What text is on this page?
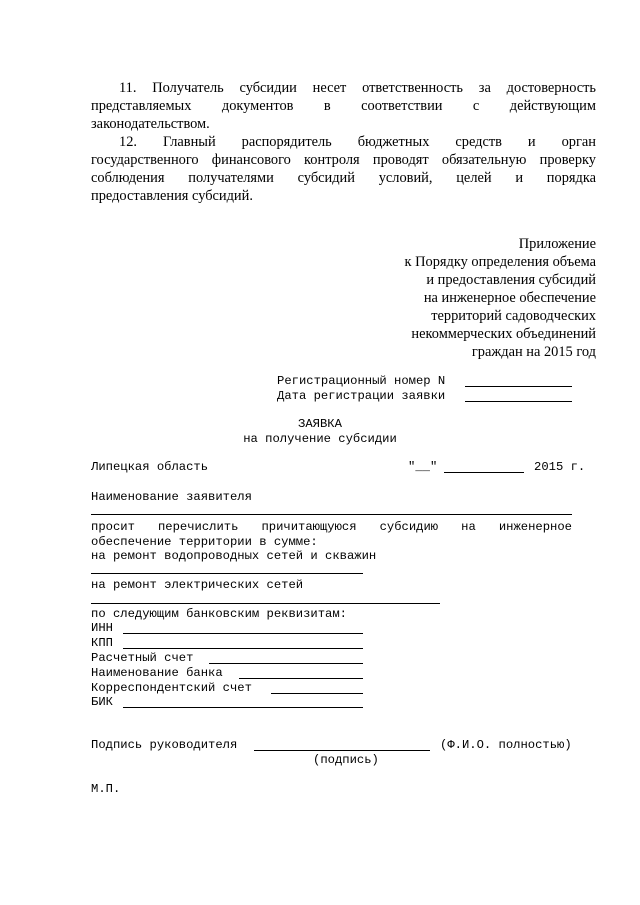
11. Получатель субсидии несет ответственность за достоверность
представляемых документов в соответствии с действующим
законодательством.
12. Главный распорядитель бюджетных средств и орган
государственного финансового контроля проводят обязательную проверку
соблюдения получателями субсидий условий, целей и порядка
предоставления субсидий.
Приложение
к Порядку определения объема
и предоставления субсидий
на инженерное обеспечение
территорий садоводческих
некоммерческих объединений
граждан на 2015 год
Регистрационный номер N
Дата регистрации заявки
ЗАЯВКА
на получение субсидии
Липецкая область	"__"	2015 г.
Наименование заявителя
просит перечислить причитающуюся субсидию на инженерное
обеспечение территории в сумме:
на ремонт водопроводных сетей и скважин
на ремонт электрических сетей
по следующим банковским реквизитам:
ИНН
КПП
Расчетный счет
Наименование банка
Корреспондентский счет
БИК
Подпись руководителя	(Ф.И.О. полностью)
(подпись)
М.П.
